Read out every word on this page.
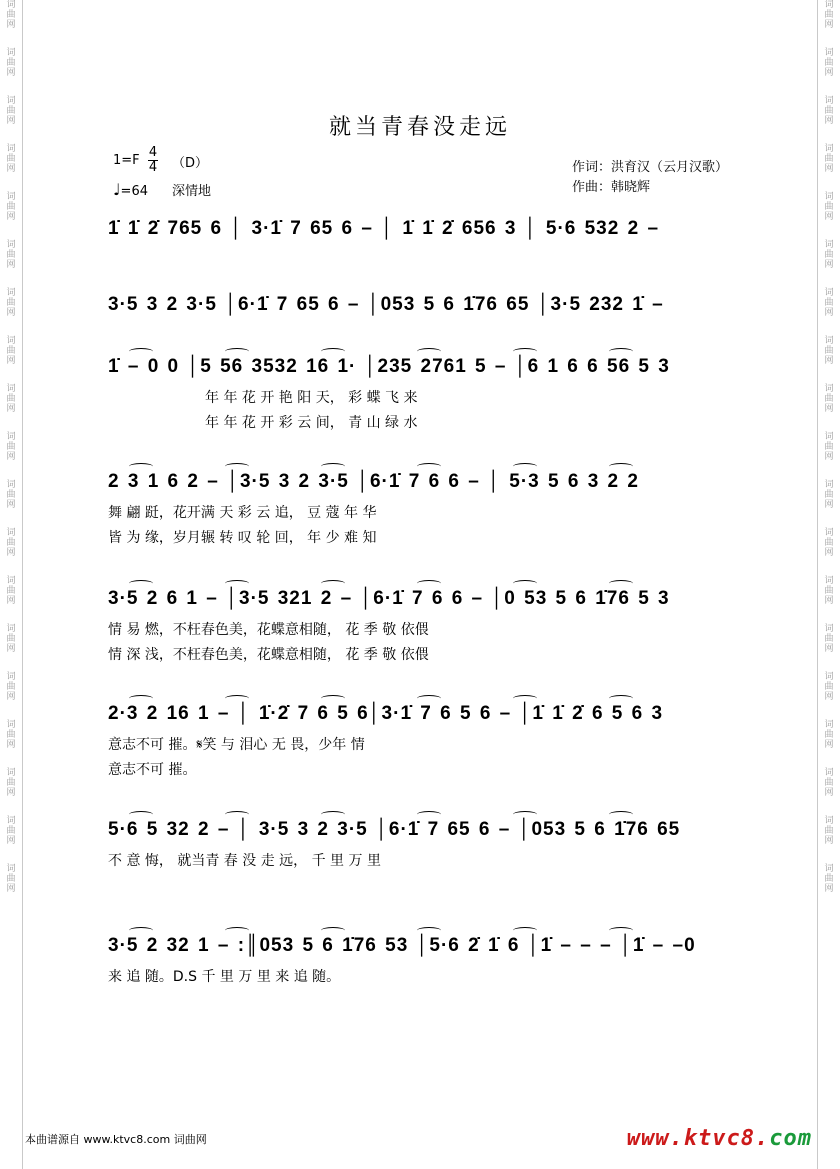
词
曲
网
词
曲
网
词
曲
网
词
曲
网
词
曲
网
词
曲
网
词
曲
网
词
曲
网
词
曲
网
词
曲
网
词
曲
网
词
曲
网
词
曲
网
词
曲
网
词
曲
网
词
曲
网
词
曲
网
词
曲
网
词
曲
网
词
曲
网
词
曲
网
词
曲
网
词
曲
网
词
曲
网
词
曲
网
词
曲
网
词
曲
网
词
曲
网
词
曲
网
词
曲
网
词
曲
网
词
曲
网
词
曲
网
词
曲
网
词
曲
网
词
曲
网
词
曲
网
词
曲
网
就当青春没走远
1=F
4
4 （D）
♩=64 深情地
作词：洪育汉（云月汉歌）
作曲：韩晓辉
1̇ 1̇ 2̇ 765 6 │ 3·1̇ 7 65 6 – │ 1̇ 1̇ 2̇ 656 3 │ 5·6 532 2 –
3·5 3 2 3·5 │6·1̇ 7 65 6 – │053 5 6 1̇76 65 │3·5 232 1̇ –
1̇ – 0 0 │5 56 3532 16 1· │235 2761 5 – │6 1 6 6 56 5 3
年 年 花 开 艳 阳 天， 彩 蝶 飞 来
年 年 花 开 彩 云 间， 青 山 绿 水
2 3 1 6 2 – │3·5 3 2 3·5 │6·1̇ 7 6 6 – │ 5·3 5 6 3 2 2
舞 翩 跹，花开满 天 彩 云 追， 豆 蔻 年 华
皆 为 缘，岁月辗 转 叹 轮 回， 年 少 难 知
3·5 2 6 1 – │3·5 321 2 – │6·1̇ 7 6 6 – │0 53 5 6 1̇76 5 3
情 易 燃，不枉春色美，花蝶意相随， 花 季 敬 依偎
情 深 浅，不枉春色美，花蝶意相随， 花 季 敬 依偎
2·3 2 16 1 – │ 1̇·2̇ 7 6 5 6│3·1̇ 7 6 5 6 – │1̇ 1̇ 2̇ 6 5 6 3
意志不可 摧。𝄋笑 与 泪心 无 畏，少年 情
意志不可 摧。
5·6 5 32 2 – │ 3·5 3 2 3·5 │6·1̇ 7 65 6 – │053 5 6 1̇76 65
不 意 悔， 就当青 春 没 走 远， 千 里 万 里
3·5 2 32 1 – :║053 5 6 1̇76 53 │5·6 2̇ 1̇ 6 │1̇ – – – │1̇ – –0
来 追 随。D.S 千 里 万 里 来 追 随。
本曲谱源自 www.ktvc8.com 词曲网	www.ktvc8.com
